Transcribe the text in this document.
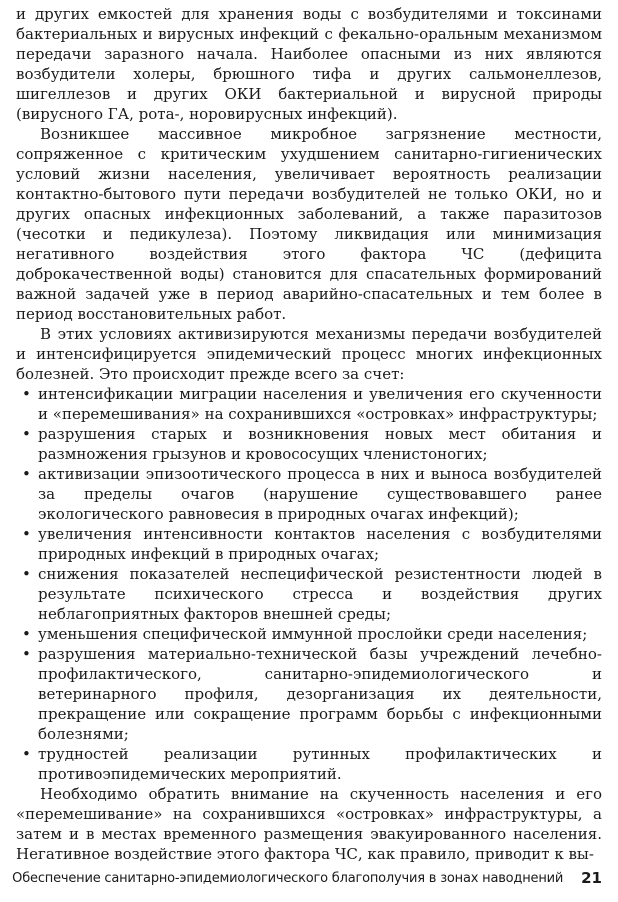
и других емкостей для хранения воды с возбудителями и токсинами бактериальных и вирусных инфекций с фекально-оральным механизмом передачи заразного начала. Наиболее опасными из них являются возбудители холеры, брюшного тифа и других сальмонеллезов, шигеллезов и других ОКИ бактериальной и вирусной природы (вирусного ГА, рота-, норовирусных инфекций).

Возникшее массивное микробное загрязнение местности, сопряженное с критическим ухудшением санитарно-гигиенических условий жизни населения, увеличивает вероятность реализации контактно-бытового пути передачи возбудителей не только ОКИ, но и других опасных инфекционных заболеваний, а также паразитозов (чесотки и педикулеза). Поэтому ликвидация или минимизация негативного воздействия этого фактора ЧС (дефицита доброкачественной воды) становится для спасательных формирований важной задачей уже в период аварийно-спасательных и тем более в период восстановительных работ.

В этих условиях активизируются механизмы передачи возбудителей и интенсифицируется эпидемический процесс многих инфекционных болезней. Это происходит прежде всего за счет:

• интенсификации миграции населения и увеличения его скученности и «перемешивания» на сохранившихся «островках» инфраструктуры;
• разрушения старых и возникновения новых мест обитания и размножения грызунов и кровососущих членистоногих;
• активизации эпизоотического процесса в них и выноса возбудителей за пределы очагов (нарушение существовавшего ранее экологического равновесия в природных очагах инфекций);
• увеличения интенсивности контактов населения с возбудителями природных инфекций в природных очагах;
• снижения показателей неспецифической резистентности людей в результате психического стресса и воздействия других неблагоприятных факторов внешней среды;
• уменьшения специфической иммунной прослойки среди населения;
• разрушения материально-технической базы учреждений лечебно-профилактического, санитарно-эпидемиологического и ветеринарного профиля, дезорганизация их деятельности, прекращение или сокращение программ борьбы с инфекционными болезнями;
• трудностей реализации рутинных профилактических и противоэпидемических мероприятий.

Необходимо обратить внимание на скученность населения и его «перемешивание» на сохранившихся «островках» инфраструктуры, а затем и в местах временного размещения эвакуированного населения. Негативное воздействие этого фактора ЧС, как правило, приводит к вы-

Обеспечение санитарно-эпидемиологического благополучия в зонах наводнений 21
